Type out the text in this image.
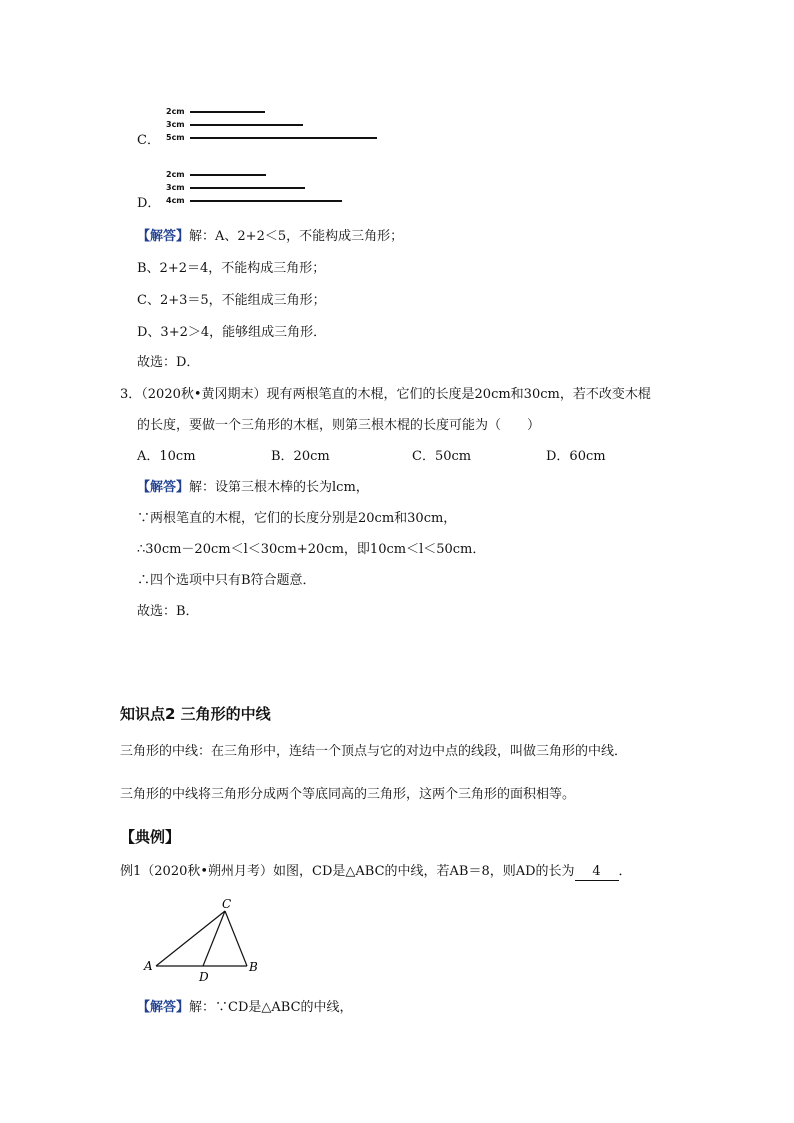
2cm
3cm
5cm
C．
2cm
3cm
4cm
D．
【解答】解：A、2+2＜5，不能构成三角形；
B、2+2＝4，不能构成三角形；
C、2+3＝5，不能组成三角形；
D、3+2＞4，能够组成三角形．
故选：D．
3．（2020秋•黄冈期末）现有两根笔直的木棍，它们的长度是20cm和30cm，若不改变木棍
的长度，要做一个三角形的木框，则第三根木棍的长度可能为（　　）
A．10cm	B．20cm	C．50cm	D．60cm
【解答】解：设第三根木棒的长为lcm，
∵两根笔直的木棍，它们的长度分别是20cm和30cm，
∴30cm－20cm＜l＜30cm+20cm，即10cm＜l＜50cm．
∴四个选项中只有B符合题意．
故选：B．
知识点2 三角形的中线
三角形的中线：在三角形中，连结一个顶点与它的对边中点的线段，叫做三角形的中线．
三角形的中线将三角形分成两个等底同高的三角形，这两个三角形的面积相等。
【典例】
例1（2020秋•朔州月考）如图，CD是△ABC的中线，若AB＝8，则AD的长为 4 ．
A	B
C
D
【解答】解：∵CD是△ABC的中线，
